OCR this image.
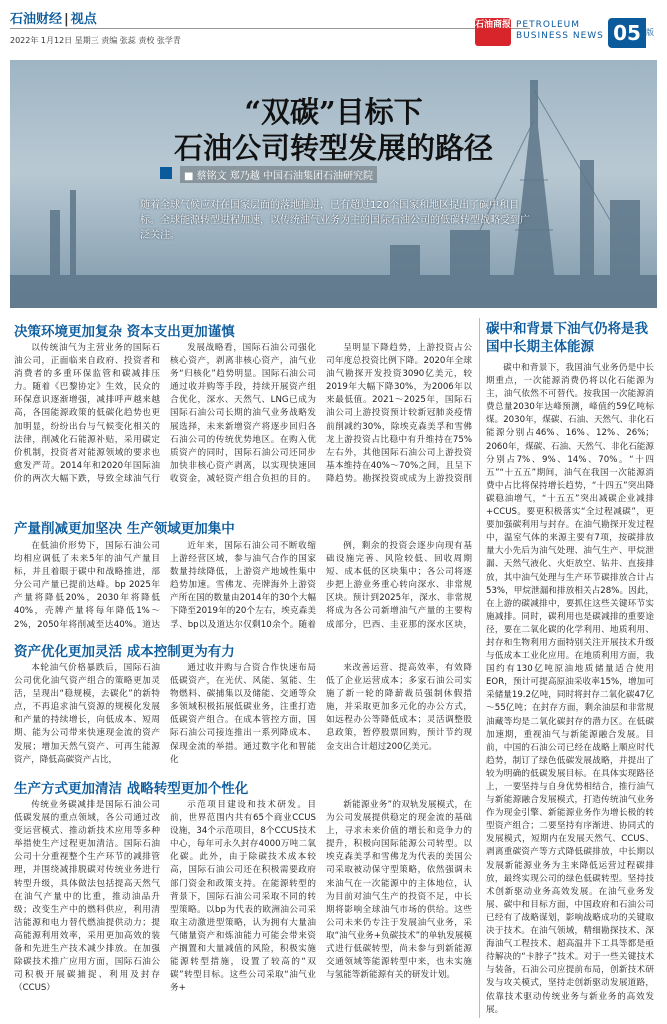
石油财经 | 视点
2022年 1月12日 星期三 责编 张蕊 责校 张学青
石油商报 PETROLEUM
BUSINESS NEWS 05 版
“双碳”目标下
石油公司转型发展的路径
■ 蔡铭文 郑乃越 中国石油集团石油研究院
随着全球气候应对在国家层面的落地推进，已有超过120个国家和地区提出了碳中和目标。全球能源转型进程加速，以传统油气业务为主的国际石油公司的低碳转型战略受到广泛关注。
决策环境更加复杂 资本支出更加谨慎

以传统油气为主营业务的国际石油公司，正面临来自政府、投资者和消费者的多重环保监管和碳减排压力。随着《巴黎协定》生效，民众的环保意识逐渐增强，减排呼声越来越高，各国能源政策的低碳化趋势也更加明显，纷纷出台与气候变化相关的法律，削减化石能源补贴，采用碳定价机制，投资者对能源领域的要求也愈发严苛。2014年和2020年国际油价的两次大幅下跌，导致全球油气行

发展战略看，国际石油公司强化核心资产，剥离非核心资产，油气业务“归核化”趋势明显。国际石油公司通过收并购等手段，持续开展资产组合优化，深水、天然气、LNG已成为国际石油公司长期的油气业务战略发展选择，未来新增资产将逐步回归各石油公司的传统优势地区。在购入优质资产的同时，国际石油公司还同步加快非核心资产剥离，以实现快速回收资金，减轻资产组合负担的目的。

呈明显下降趋势，上游投资占公司年度总投资比例下降。2020年全球油气勘探开发投资3090亿美元，较2019年大幅下降30%，为2006年以来最低值。2021～2025年，国际石油公司上游投资预计较新冠肺炎疫情前削减约30%，除埃克森美孚和雪佛龙上游投资占比稳中有升维持在75%左右外，其他国际石油公司上游投资基本维持在40%～70%之间，且呈下降趋势。勘探投资或成为上游投资削

产量削减更加坚决 生产领域更加集中

在低油价形势下，国际石油公司均相应调低了未来5年的油气产量目标，并且着眼于碳中和战略推进，部分公司产量已提前达峰。bp 2025年产量将降低20%，2030年将降低40%，壳牌产量将每年降低1%～2%，2050年将削减至达40%。道达

近年来，国际石油公司不断收缩上游经营区域，参与油气合作的国家数量持续降低，上游资产地域性集中趋势加速。雪佛龙、壳牌海外上游资产所在国的数量由2014年的30个大幅下降至2019年的20个左右，埃克森美孚、bp以及道达尔仅剩10余个。随着

例，剩余的投资会逐步向现有基础设施完善、风险较低、回收周期短、成本低的区块集中；各公司将逐步把上游业务重心转向深水、非常规区块。预计到2025年，深水、非常规将成为各公司新增油气产量的主要构成部分，巴西、圭亚那的深水区块，

资产优化更加灵活 成本控制更为有力

本轮油气价格暴跌后，国际石油公司优化油气资产组合的策略更加灵活，呈现出“稳规模，去碳化”的新特点，不再追求油气资源的规模化发展和产量的持续增长，向低成本、短周期、能为公司带来快速现金流的资产发展；增加天然气资产、可再生能源资产，降低高碳资产占比，

通过收并购与合资合作快速布局低碳资产，在光伏、风能、氢能、生物燃料、碳捕集以及储能、交通等众多领域积极拓展低碳业务，注重打造低碳资产组合。在成本管控方面，国际石油公司接连推出一系列降成本、保现金流的举措。通过数字化和智能化

来改善运营、提高效率，有效降低了企业运营成本；多家石油公司实施了新一轮的降薪裁员强制休假措施，并采取更加多元化的办公方式，如远程办公等降低成本；灵活调整股息政策，暂停股票回购，预计节约现金支出合计超过200亿美元。

生产方式更加清洁 战略转型更加个性化

传统业务碳减排是国际石油公司低碳发展的重点领域，各公司通过改变运营模式、推动新技术应用等多种举措使生产过程更加清洁。国际石油公司十分重视整个生产环节的减排管理，并围绕减排脱碳对传统业务进行转型升级，具体做法包括提高天然气在油气产量中的比重，推动油品升级；改变生产中的燃料供应，利用清洁能源和电力替代燃油提供动力；提高能源利用效率，采用更加高效的装备和先进生产技术减少排放。在加强除碳技术推广应用方面，国际石油公司积极开展碳捕捉、利用及封存（CCUS）

示范项目建设和技术研发。目前，世界范围内共有65个商业CCUS设施，34个示范项目，8个CCUS技术中心，每年可永久封存4000万吨二氧化碳。此外，由于除碳技术成本较高，国际石油公司还在积极需要政府部门资金和政策支持。在能源转型的背景下，国际石油公司采取不同的转型策略。以bp为代表的欧洲油公司采取主动激进型策略，认为拥有大量油气储量资产和炼油能力可能会带来资产搁置和大量减值的风险，积极实施能源转型措施，设置了较高的“双碳”转型目标。这些公司采取“油气业务+

新能源业务”的双轨发展模式，在为公司发展提供稳定的现金流的基础上，寻求未来价值的增长和竞争力的提升，积极向国际能源公司转型。以埃克森美孚和雪佛龙为代表的美国公司采取被动保守型策略，依然强调未来油气在一次能源中的主体地位，认为目前对油气生产的投资不足，中长期将影响全球油气市场的供给。这些公司未来仍专注于发展油气业务，采取“油气业务+负碳技术”的单轨发展模式进行低碳转型，尚未参与到新能源交通领域等能源转型中来，也未实施与氢能等新能源有关的研发计划。

碳中和背景下油气仍将是我国中长期主体能源

碳中和背景下，我国油气业务仍是中长期重点，一次能源消费仍将以化石能源为主，油气依然不可替代。按我国一次能源消费总量2030年达峰预测，峰值约59亿吨标煤。2030年，煤碳、石油、天然气、非化石能源分别占46%、16%、12%、26%；2060年，煤碳、石油、天然气、非化石能源分别占7%、9%、14%、70%。“十四五”“十五五”期间，油气在我国一次能源消费中占比将保持增长趋势，“十四五”突出降碳稳油增气，“十五五”突出减碳企业减排+CCUS。要更积极落实“全过程减碳”，更要加强碳利用与封存。在油气勘探开发过程中，温室气体的来源主要有7项，按碳排放量大小先后为油气处理、油气生产、甲烷泄漏、天然气液化、火炬放空、钻井、直接排放，其中油气处理与生产环节碳排放合计占53%，甲烷泄漏和排放相关占28%。因此，在上游的碳减排中，要抓住这些关键环节实施减排。同时，碳利用也是碳减排的重要途径，要在二氧化碳的化学利用、地质利用、封存和生物利用方面特别关注开展技术升级与低成本工业化应用。在地质利用方面，我国约有130亿吨原油地质储量适合使用EOR，预计可提高原油采收率15%，增加可采储量19.2亿吨，同时将封存二氧化碳47亿～55亿吨；在封存方面，剩余油层和非常规油藏等均是二氧化碳封存的潜力区。在低碳加速期，重视油气与新能源融合发展。目前，中国的石油公司已经在战略上顺应时代趋势，制订了绿色低碳发展战略，并提出了较为明确的低碳发展目标。在具体实现路径上，一要坚持与自身优势相结合，推行油气与新能源融合发展模式，打造传统油气业务作为现金引擎、新能源业务作为增长极的转型资产组合；二要坚持有序渐进、协同式的发展模式，短期内在发展天然气、CCUS、剥离重碳资产等方式降低碳排放，中长期以发展新能源业务为主来降低运营过程碳排放，最终实现公司的绿色低碳转型。坚持技术创新驱动业务高效发展。在油气业务发展、碳中和目标方面，中国政府和石油公司已经有了战略谋划，影响战略成功的关键取决于技术。在油气领域，精细勘探技术、深海油气工程技术、超高温井下工具等都是亟待解决的“卡脖子”技术。对于一些关键技术与装备，石油公司应提前布局，创新技术研发与攻关模式，坚持走创新驱动发展道路，依靠技术驱动传统业务与新业务的高效发展。
